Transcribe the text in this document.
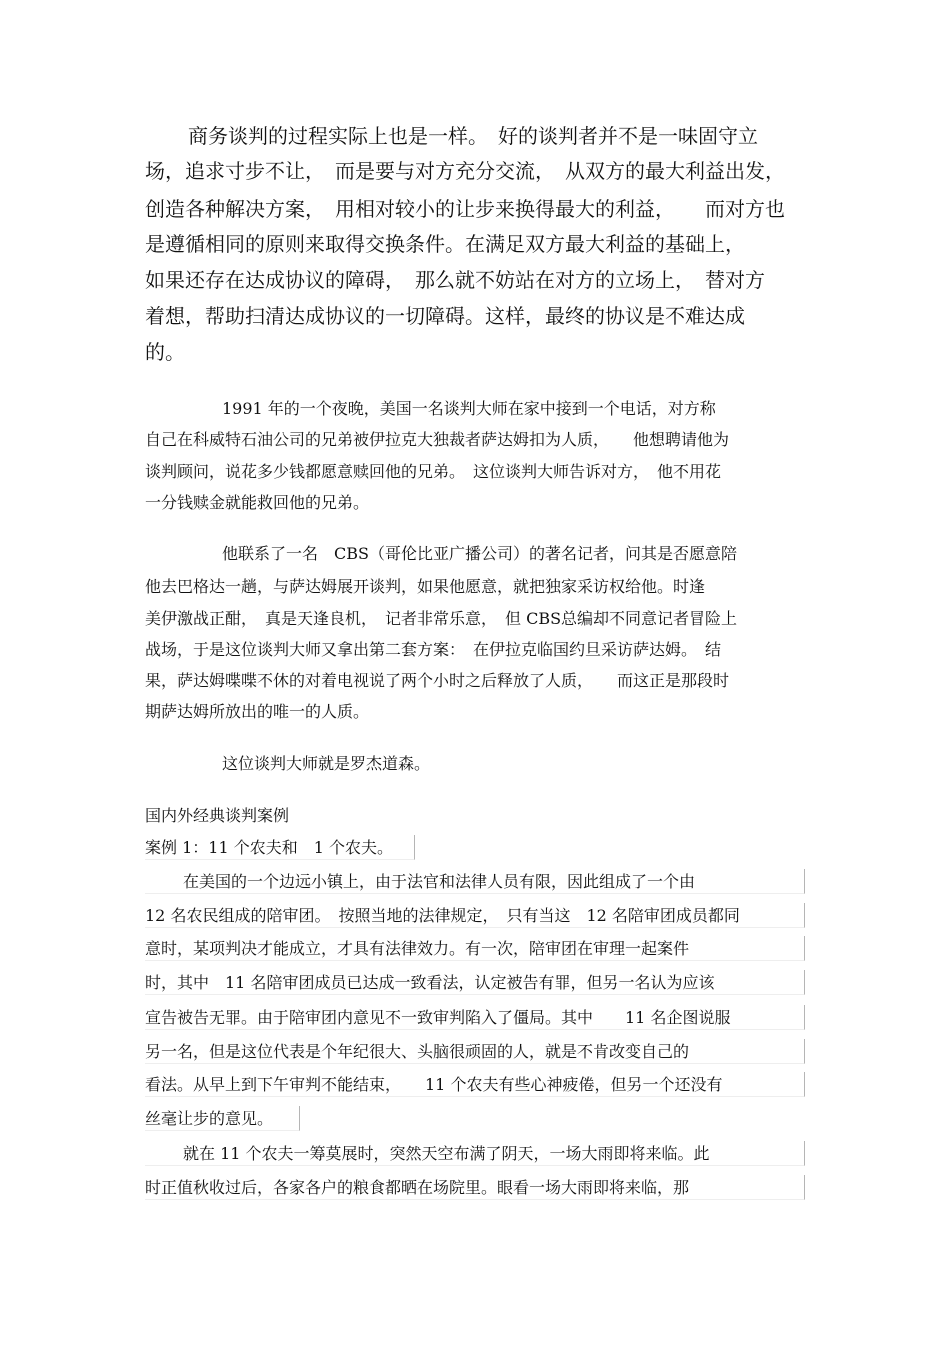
商务谈判的过程实际上也是一样。　好的谈判者并不是一味固守立

场，追求寸步不让，　而是要与对方充分交流，　从双方的最大利益出发，

创造各种解决方案，　用相对较小的让步来换得最大的利益，　　而对方也

是遵循相同的原则来取得交换条件。在满足双方最大利益的基础上，

如果还存在达成协议的障碍，　那么就不妨站在对方的立场上，　替对方

着想，帮助扫清达成协议的一切障碍。这样，最终的协议是不难达成

的。

1991 年的一个夜晚，美国一名谈判大师在家中接到一个电话，对方称

自己在科威特石油公司的兄弟被伊拉克大独裁者萨达姆扣为人质，　　他想聘请他为

谈判顾问，说花多少钱都愿意赎回他的兄弟。　这位谈判大师告诉对方，　他不用花

一分钱赎金就能救回他的兄弟。

他联系了一名　CBS（哥伦比亚广播公司）的著名记者，问其是否愿意陪

他去巴格达一趟，与萨达姆展开谈判，如果他愿意，就把独家采访权给他。时逢

美伊激战正酣，　真是天逢良机，　记者非常乐意，　但 CBS总编却不同意记者冒险上

战场，于是这位谈判大师又拿出第二套方案：　在伊拉克临国约旦采访萨达姆。　结

果，萨达姆喋喋不休的对着电视说了两个小时之后释放了人质，　　而这正是那段时

期萨达姆所放出的唯一的人质。

这位谈判大师就是罗杰道森。

国内外经典谈判案例

案例 1：11 个农夫和　1 个农夫。

在美国的一个边远小镇上，由于法官和法律人员有限，因此组成了一个由

12 名农民组成的陪审团。　按照当地的法律规定，　只有当这　12 名陪审团成员都同

意时，某项判决才能成立，才具有法律效力。有一次，陪审团在审理一起案件

时，其中　11 名陪审团成员已达成一致看法，认定被告有罪，但另一名认为应该

宣告被告无罪。由于陪审团内意见不一致审判陷入了僵局。其中　　11 名企图说服

另一名，但是这位代表是个年纪很大、头脑很顽固的人，就是不肯改变自己的

看法。从早上到下午审判不能结束，　　11 个农夫有些心神疲倦，但另一个还没有

丝毫让步的意见。

就在 11 个农夫一筹莫展时，突然天空布满了阴天，一场大雨即将来临。此

时正值秋收过后，各家各户的粮食都晒在场院里。眼看一场大雨即将来临，那
